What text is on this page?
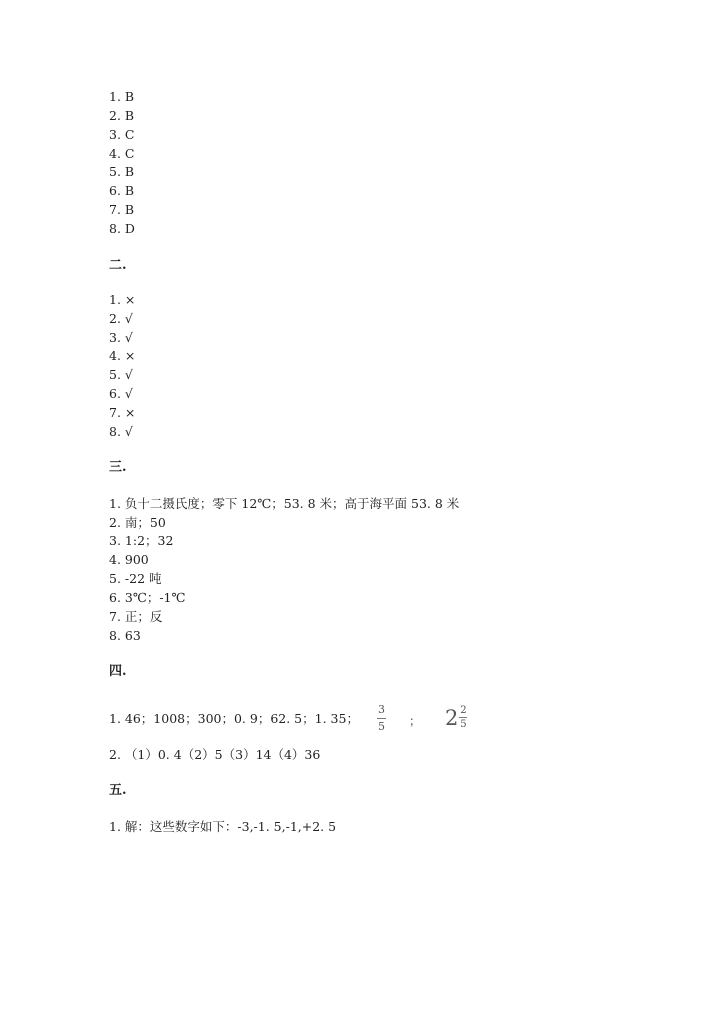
1. B
2. B
3. C
4. C
5. B
6. B
7. B
8. D
二.
1. ×
2. √
3. √
4. ×
5. √
6. √
7. ×
8. √
三.
1. 负十二摄氏度；零下 12℃；53. 8 米；高于海平面 53. 8 米
2. 南；50
3. 1:2；32
4. 900
5. -22 吨
6. 3℃；-1℃
7. 正；反
8. 63
四.
1. 46；1008；300；0. 9；62. 5；1. 35；
3
5 ； 2 2
5
2. （1）0. 4（2）5（3）14（4）36
五.
1. 解：这些数字如下：-3,-1. 5,-1,+2. 5
